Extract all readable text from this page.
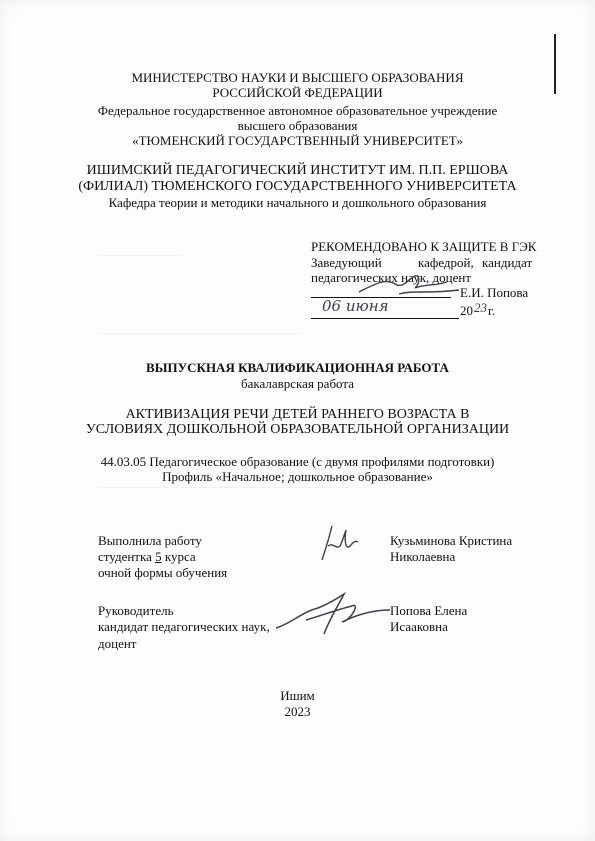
──────────
────────────────────────
──────────────────────────────
МИНИСТЕРСТВО НАУКИ И ВЫСШЕГО ОБРАЗОВАНИЯ
РОССИЙСКОЙ ФЕДЕРАЦИИ
Федеральное государственное автономное образовательное учреждение
высшего образования
«ТЮМЕНСКИЙ ГОСУДАРСТВЕННЫЙ УНИВЕРСИТЕТ»
ИШИМСКИЙ ПЕДАГОГИЧЕСКИЙ ИНСТИТУТ ИМ. П.П. ЕРШОВА
(ФИЛИАЛ) ТЮМЕНСКОГО ГОСУДАРСТВЕННОГО УНИВЕРСИТЕТА
Кафедра теории и методики начального и дошкольного образования
РЕКОМЕНДОВАНО К ЗАЩИТЕ В ГЭК
Заведующий	кафедрой, кандидат
педагогических наук, доцент
Е.И. Попова
06 июня	20 23 г.
ВЫПУСКНАЯ КВАЛИФИКАЦИОННАЯ РАБОТА
бакалаврская работа
АКТИВИЗАЦИЯ РЕЧИ ДЕТЕЙ РАННЕГО ВОЗРАСТА В
УСЛОВИЯХ ДОШКОЛЬНОЙ ОБРАЗОВАТЕЛЬНОЙ ОРГАНИЗАЦИИ
44.03.05 Педагогическое образование (с двумя профилями подготовки)
Профиль «Начальное; дошкольное образование»
Выполнила работу
студентка 5 курса
очной формы обучения
Кузьминова Кристина
Николаевна
Руководитель
кандидат педагогических наук,
доцент
Попова Елена
Исааковна
Ишим
2023
